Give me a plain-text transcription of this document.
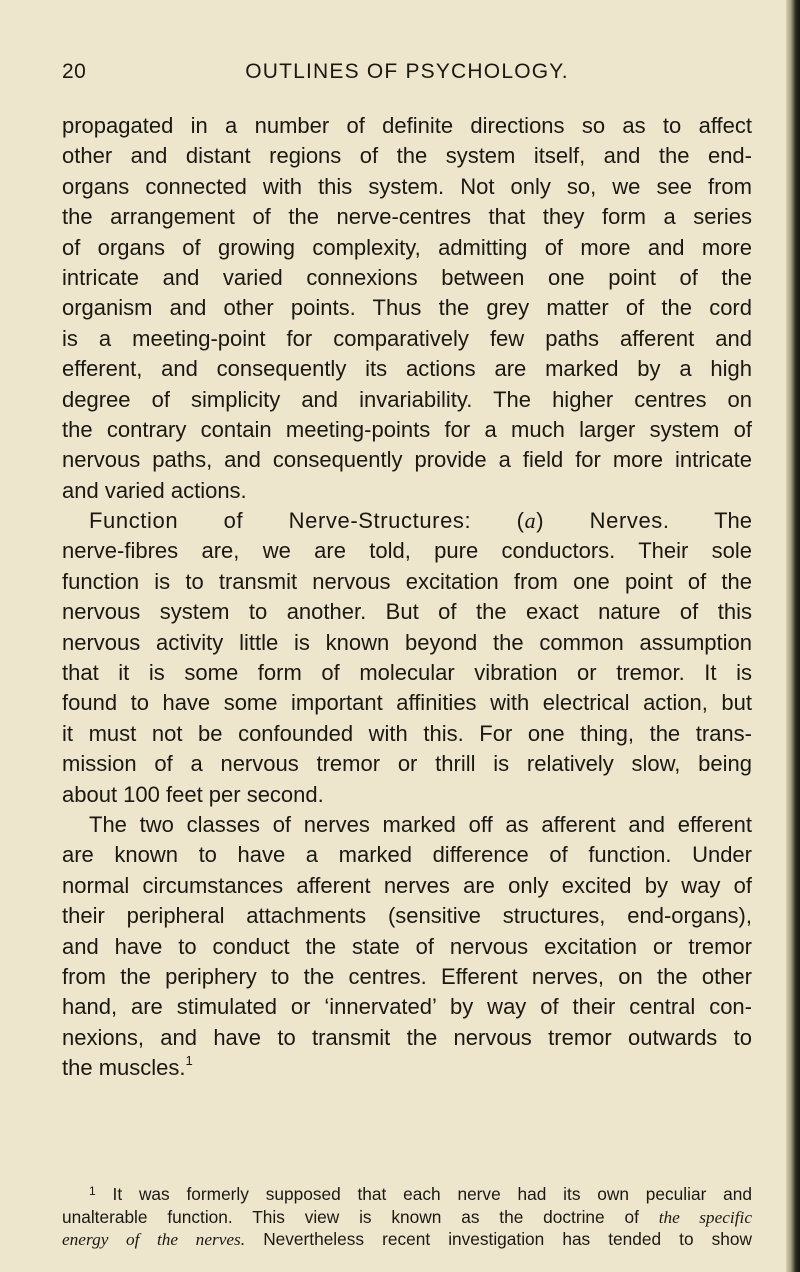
20	OUTLINES OF PSYCHOLOGY.
propagated in a number of definite directions so as to affect
other and distant regions of the system itself, and the end-
organs connected with this system. Not only so, we see from
the arrangement of the nerve-centres that they form a series
of organs of growing complexity, admitting of more and more
intricate and varied connexions between one point of the
organism and other points. Thus the grey matter of the cord
is a meeting-point for comparatively few paths afferent and
efferent, and consequently its actions are marked by a high
degree of simplicity and invariability. The higher centres on
the contrary contain meeting-points for a much larger system of
nervous paths, and consequently provide a field for more intricate
and varied actions.
Function of Nerve-Structures: (a) Nerves. The
nerve-fibres are, we are told, pure conductors. Their sole
function is to transmit nervous excitation from one point of the
nervous system to another. But of the exact nature of this
nervous activity little is known beyond the common assumption
that it is some form of molecular vibration or tremor. It is
found to have some important affinities with electrical action, but
it must not be confounded with this. For one thing, the trans-
mission of a nervous tremor or thrill is relatively slow, being
about 100 feet per second.
The two classes of nerves marked off as afferent and efferent
are known to have a marked difference of function. Under
normal circumstances afferent nerves are only excited by way of
their peripheral attachments (sensitive structures, end-organs),
and have to conduct the state of nervous excitation or tremor
from the periphery to the centres. Efferent nerves, on the other
hand, are stimulated or ‘innervated’ by way of their central con-
nexions, and have to transmit the nervous tremor outwards to
the muscles.$^1$
$^1$ It was formerly supposed that each nerve had its own peculiar and
unalterable function. This view is known as the doctrine of the specific
energy of the nerves. Nevertheless recent investigation has tended to show
